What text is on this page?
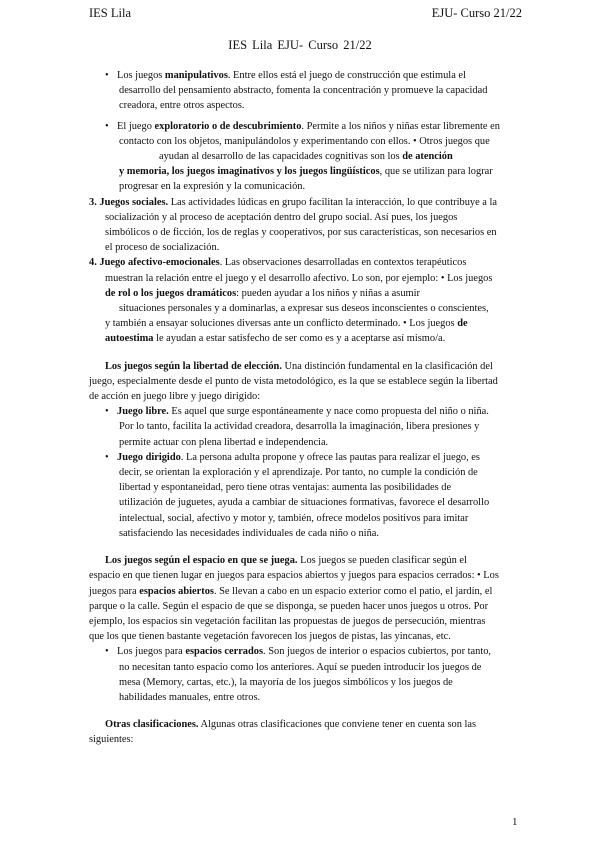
IES Lila	EJU- Curso 21/22
IES Lila EJU- Curso 21/22

• Los juegos manipulativos. Entre ellos está el juego de construcción que estimula el

desarrollo del pensamiento abstracto, fomenta la concentración y promueve la capacidad

creadora, entre otros aspectos.

• El juego exploratorio o de descubrimiento. Permite a los niños y niñas estar libremente en

contacto con los objetos, manipulándolos y experimentando con ellos. • Otros juegos que

ayudan al desarrollo de las capacidades cognitivas son los de atención

y memoria, los juegos imaginativos y los juegos lingüísticos, que se utilizan para lograr

progresar en la expresión y la comunicación.

3. Juegos sociales. Las actividades lúdicas en grupo facilitan la interacción, lo que contribuye a la

socialización y al proceso de aceptación dentro del grupo social. Así pues, los juegos

simbólicos o de ficción, los de reglas y cooperativos, por sus características, son necesarios en

el proceso de socialización.

4. Juego afectivo-emocionales. Las observaciones desarrolladas en contextos terapéuticos

muestran la relación entre el juego y el desarrollo afectivo. Lo son, por ejemplo: • Los juegos

de rol o los juegos dramáticos: pueden ayudar a los niños y niñas a asumir

situaciones personales y a dominarlas, a expresar sus deseos inconscientes o conscientes,

y también a ensayar soluciones diversas ante un conflicto determinado. • Los juegos de

autoestima le ayudan a estar satisfecho de ser como es y a aceptarse así mismo/a.

Los juegos según la libertad de elección. Una distinción fundamental en la clasificación del

juego, especialmente desde el punto de vista metodológico, es la que se establece según la libertad

de acción en juego libre y juego dirigido:

• Juego libre. Es aquel que surge espontáneamente y nace como propuesta del niño o niña.

Por lo tanto, facilita la actividad creadora, desarrolla la imaginación, libera presiones y

permite actuar con plena libertad e independencia.

• Juego dirigido. La persona adulta propone y ofrece las pautas para realizar el juego, es

decir, se orientan la exploración y el aprendizaje. Por tanto, no cumple la condición de

libertad y espontaneidad, pero tiene otras ventajas: aumenta las posibilidades de

utilización de juguetes, ayuda a cambiar de situaciones formativas, favorece el desarrollo

intelectual, social, afectivo y motor y, también, ofrece modelos positivos para imitar

satisfaciendo las necesidades individuales de cada niño o niña.

Los juegos según el espacio en que se juega. Los juegos se pueden clasificar según el

espacio en que tienen lugar en juegos para espacios abiertos y juegos para espacios cerrados: • Los

juegos para espacios abiertos. Se llevan a cabo en un espacio exterior como el patio, el jardín, el

parque o la calle. Según el espacio de que se disponga, se pueden hacer unos juegos u otros. Por

ejemplo, los espacios sin vegetación facilitan las propuestas de juegos de persecución, mientras

que los que tienen bastante vegetación favorecen los juegos de pistas, las yincanas, etc.

• Los juegos para espacios cerrados. Son juegos de interior o espacios cubiertos, por tanto,

no necesitan tanto espacio como los anteriores. Aquí se pueden introducir los juegos de

mesa (Memory, cartas, etc.), la mayoría de los juegos simbólicos y los juegos de

habilidades manuales, entre otros.

Otras clasificaciones. Algunas otras clasificaciones que conviene tener en cuenta son las

siguientes:

1
